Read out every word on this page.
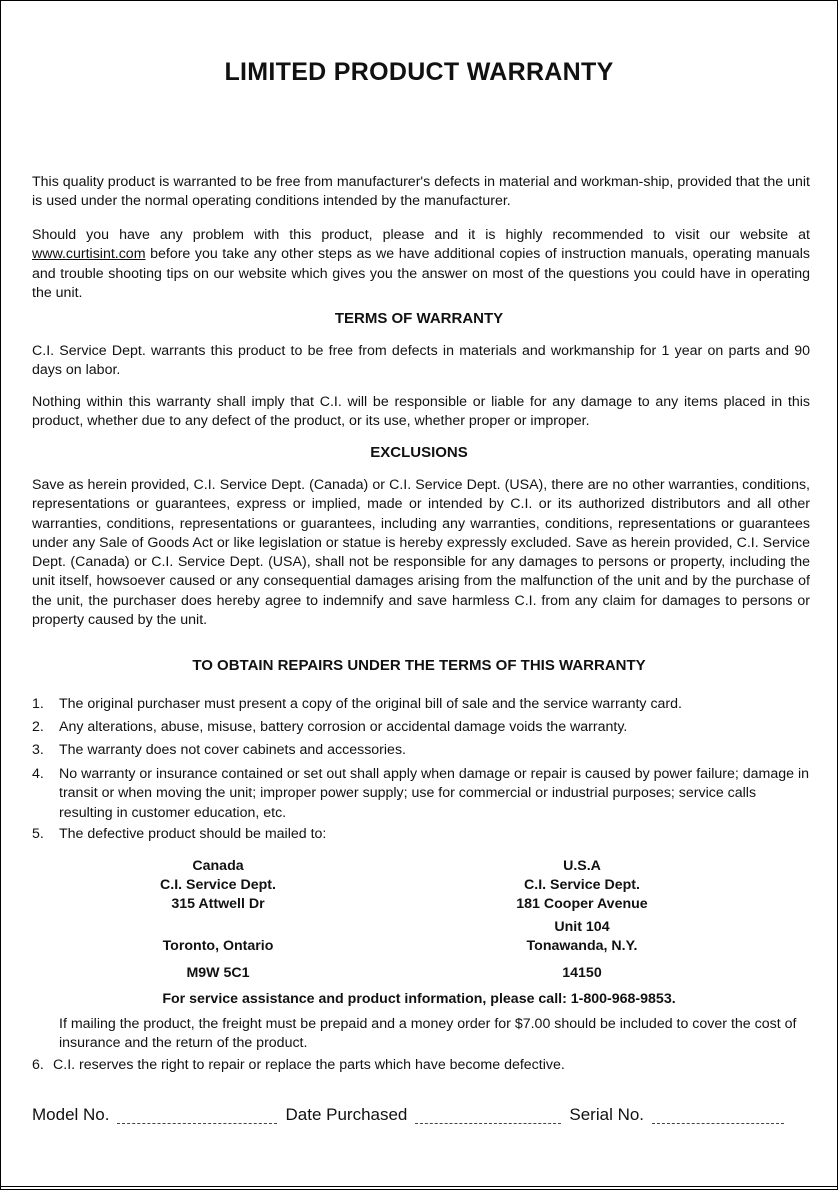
LIMITED PRODUCT WARRANTY

This quality product is warranted to be free from manufacturer's defects in material and workman-ship, provided that the unit is used under the normal operating conditions intended by the manufacturer.

Should you have any problem with this product, please and it is highly recommended to visit our website at www.curtisint.com before you take any other steps as we have additional copies of instruction manuals, operating manuals and trouble shooting tips on our website which gives you the answer on most of the questions you could have in operating the unit.

TERMS OF WARRANTY

C.I. Service Dept. warrants this product to be free from defects in materials and workmanship for 1 year on parts and 90 days on labor.

Nothing within this warranty shall imply that C.I. will be responsible or liable for any damage to any items placed in this product, whether due to any defect of the product, or its use, whether proper or improper.

EXCLUSIONS

Save as herein provided, C.I. Service Dept. (Canada) or C.I. Service Dept. (USA), there are no other warranties, conditions, representations or guarantees, express or implied, made or intended by C.I. or its authorized distributors and all other warranties, conditions, representations or guarantees, including any warranties, conditions, representations or guarantees under any Sale of Goods Act or like legislation or statue is hereby expressly excluded. Save as herein provided, C.I. Service Dept. (Canada) or C.I. Service Dept. (USA), shall not be responsible for any damages to persons or property, including the unit itself, howsoever caused or any consequential damages arising from the malfunction of the unit and by the purchase of the unit, the purchaser does hereby agree to indemnify and save harmless C.I. from any claim for damages to persons or property caused by the unit.

TO OBTAIN REPAIRS UNDER THE TERMS OF THIS WARRANTY
1. The original purchaser must present a copy of the original bill of sale and the service warranty card.
2. Any alterations, abuse, misuse, battery corrosion or accidental damage voids the warranty.
3. The warranty does not cover cabinets and accessories.
4. No warranty or insurance contained or set out shall apply when damage or repair is caused by power failure; damage in transit or when moving the unit; improper power supply; use for commercial or industrial purposes; service calls resulting in customer education, etc.
5. The defective product should be mailed to:
Canada
C.I. Service Dept.
315 Attwell Dr
Toronto, Ontario
M9W 5C1
U.S.A
C.I. Service Dept.
181 Cooper Avenue
Unit 104
Tonawanda, N.Y.
14150
For service assistance and product information, please call: 1-800-968-9853.
If mailing the product, the freight must be prepaid and a money order for $7.00 should be included to cover the cost of insurance and the return of the product.
6. C.I. reserves the right to repair or replace the parts which have become defective.
Model No.	Date Purchased	Serial No.
